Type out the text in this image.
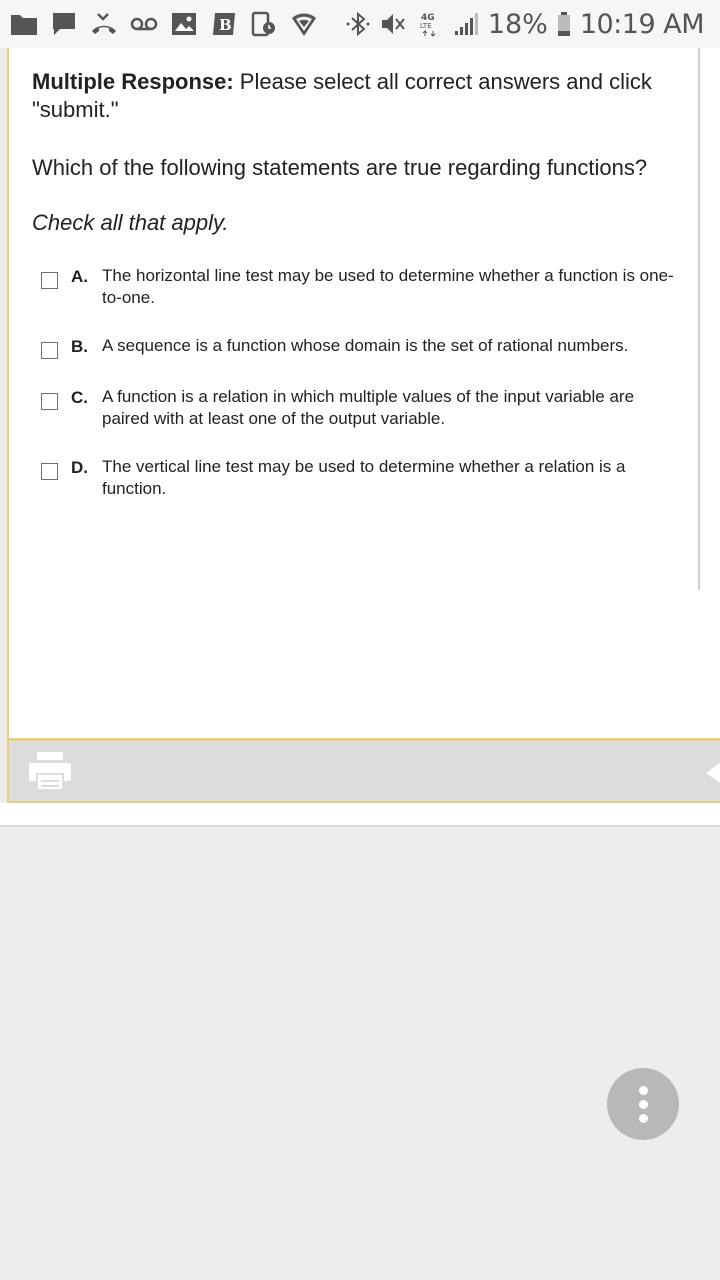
B	4G
LTE 18% 10:19 AM
Multiple Response: Please select all correct answers and click "submit."
Which of the following statements are true regarding functions?
Check all that apply.
A. The horizontal line test may be used to determine whether a function is one-to-one.
B. A sequence is a function whose domain is the set of rational numbers.
C. A function is a relation in which multiple values of the input variable are paired with at least one of the output variable.
D. The vertical line test may be used to determine whether a relation is a function.
